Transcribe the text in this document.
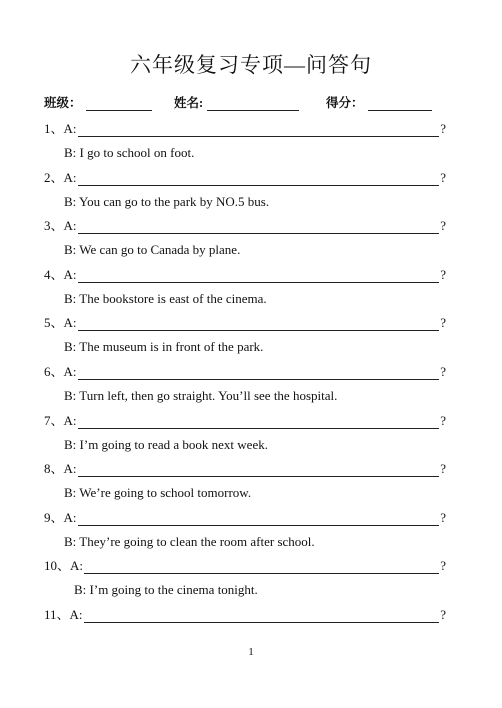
六年级复习专项—问答句
班级：	姓名:	得分：
1、A:	?
B: I go to school on foot.
2、A:	?
B: You can go to the park by NO.5 bus.
3、A:	?
B: We can go to Canada by plane.
4、A:	?
B: The bookstore is east of the cinema.
5、A:	?
B: The museum is in front of the park.
6、A:	?
B: Turn left, then go straight. You’ll see the hospital.
7、A:	?
B: I’m going to read a book next week.
8、A:	?
B: We’re going to school tomorrow.
9、A:	?
B: They’re going to clean the room after school.
10、A:	?
B: I’m going to the cinema tonight.
11、A:	?
1
